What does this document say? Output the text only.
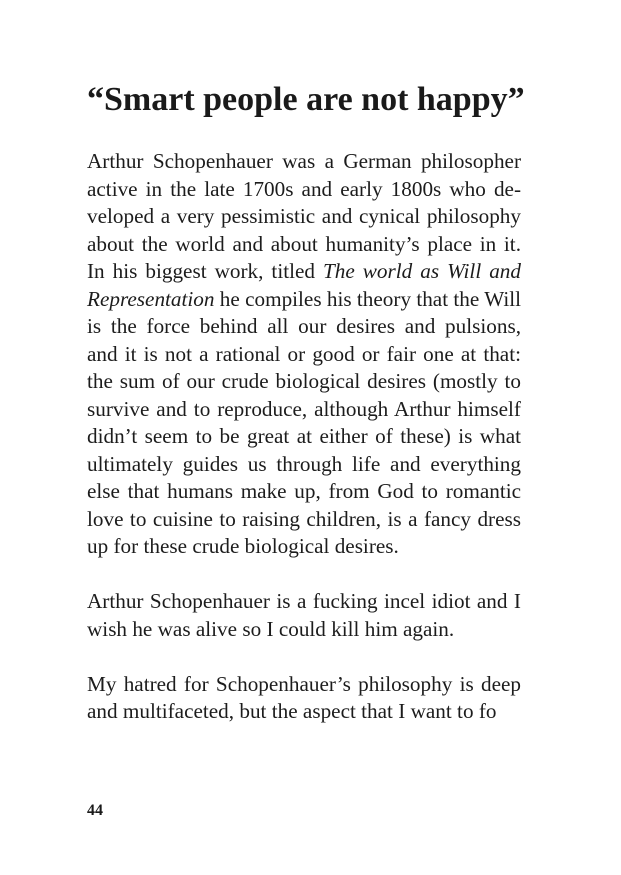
“Smart people are not happy”

Arthur Schopenhauer was a German philosopher active in the late 1700s and early 1800s who developed a very pessimistic and cynical philosophy about the world and about humanity’s place in it. In his biggest work, titled The world as Will and Representation he compiles his theory that the Will is the force behind all our desires and pulsions, and it is not a rational or good or fair one at that: the sum of our crude biological desires (mostly to survive and to reproduce, although Arthur himself didn’t seem to be great at either of these) is what ultimately guides us through life and everything else that humans make up, from God to romantic love to cuisine to raising children, is a fancy dress up for these crude biological desires.

Arthur Schopenhauer is a fucking incel idiot and I wish he was alive so I could kill him again.

My hatred for Schopenhauer’s philosophy is deep and multifaceted, but the aspect that I want to fo

44
